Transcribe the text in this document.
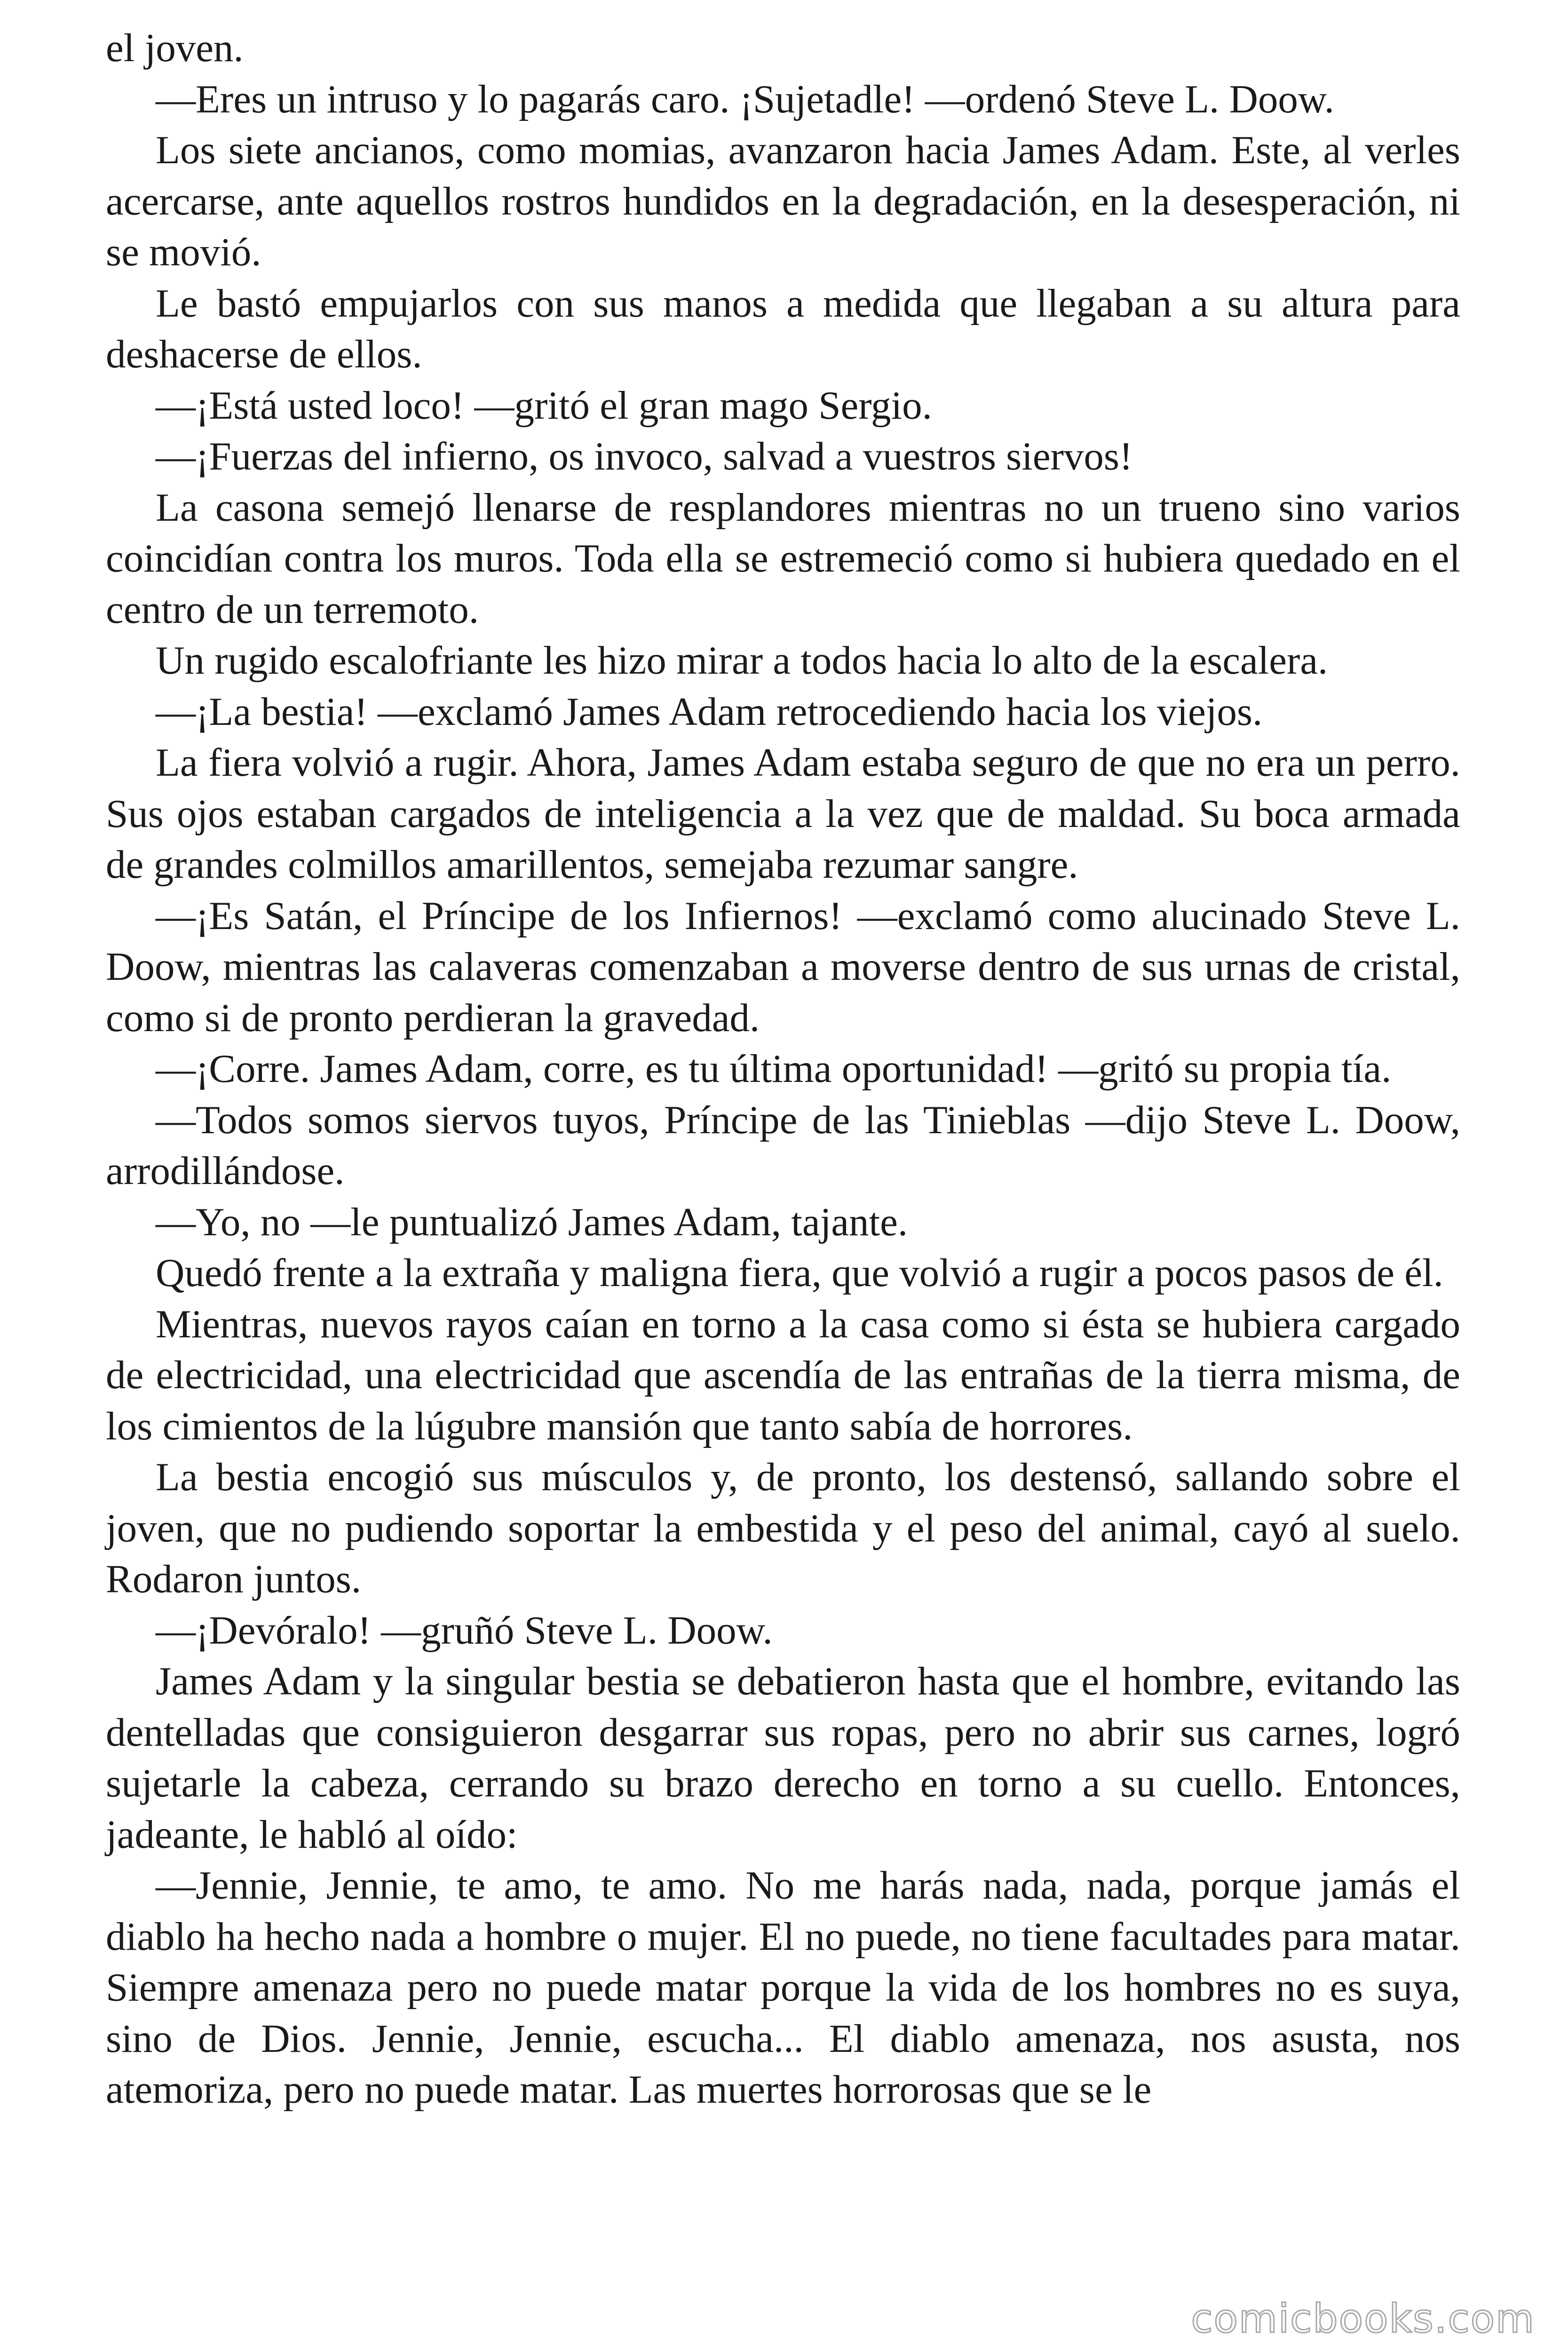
el joven.

—Eres un intruso y lo pagarás caro. ¡Sujetadle! —ordenó Steve L. Doow.

Los siete ancianos, como momias, avanzaron hacia James Adam. Este, al verles acercarse, ante aquellos rostros hundidos en la degradación, en la desesperación, ni se movió.

Le bastó empujarlos con sus manos a medida que llegaban a su altura para deshacerse de ellos.

—¡Está usted loco! —gritó el gran mago Sergio.

—¡Fuerzas del infierno, os invoco, salvad a vuestros siervos!

La casona semejó llenarse de resplandores mientras no un trueno sino varios coincidían contra los muros. Toda ella se estremeció como si hubiera quedado en el centro de un terremoto.

Un rugido escalofriante les hizo mirar a todos hacia lo alto de la escalera.

—¡La bestia! —exclamó James Adam retrocediendo hacia los viejos.

La fiera volvió a rugir. Ahora, James Adam estaba seguro de que no era un perro. Sus ojos estaban cargados de inteligencia a la vez que de maldad. Su boca armada de grandes colmillos amarillentos, semejaba rezumar sangre.

—¡Es Satán, el Príncipe de los Infiernos! —exclamó como alucinado Steve L. Doow, mientras las calaveras comenzaban a moverse dentro de sus urnas de cristal, como si de pronto perdieran la gravedad.

—¡Corre. James Adam, corre, es tu última oportunidad! —gritó su propia tía.

—Todos somos siervos tuyos, Príncipe de las Tinieblas —dijo Steve L. Doow, arrodillándose.

—Yo, no —le puntualizó James Adam, tajante.

Quedó frente a la extraña y maligna fiera, que volvió a rugir a pocos pasos de él.

Mientras, nuevos rayos caían en torno a la casa como si ésta se hubiera cargado de electricidad, una electricidad que ascendía de las entrañas de la tierra misma, de los cimientos de la lúgubre mansión que tanto sabía de horrores.

La bestia encogió sus músculos y, de pronto, los destensó, sallando sobre el joven, que no pudiendo soportar la embestida y el peso del animal, cayó al suelo. Rodaron juntos.

—¡Devóralo! —gruñó Steve L. Doow.

James Adam y la singular bestia se debatieron hasta que el hombre, evitando las dentelladas que consiguieron desgarrar sus ropas, pero no abrir sus carnes, logró sujetarle la cabeza, cerrando su brazo derecho en torno a su cuello. Entonces, jadeante, le habló al oído:

—Jennie, Jennie, te amo, te amo. No me harás nada, nada, porque jamás el diablo ha hecho nada a hombre o mujer. El no puede, no tiene facultades para matar. Siempre amenaza pero no puede matar porque la vida de los hombres no es suya, sino de Dios. Jennie, Jennie, escucha... El diablo amenaza, nos asusta, nos atemoriza, pero no puede matar. Las muertes horrorosas que se le

comicbooks.com
